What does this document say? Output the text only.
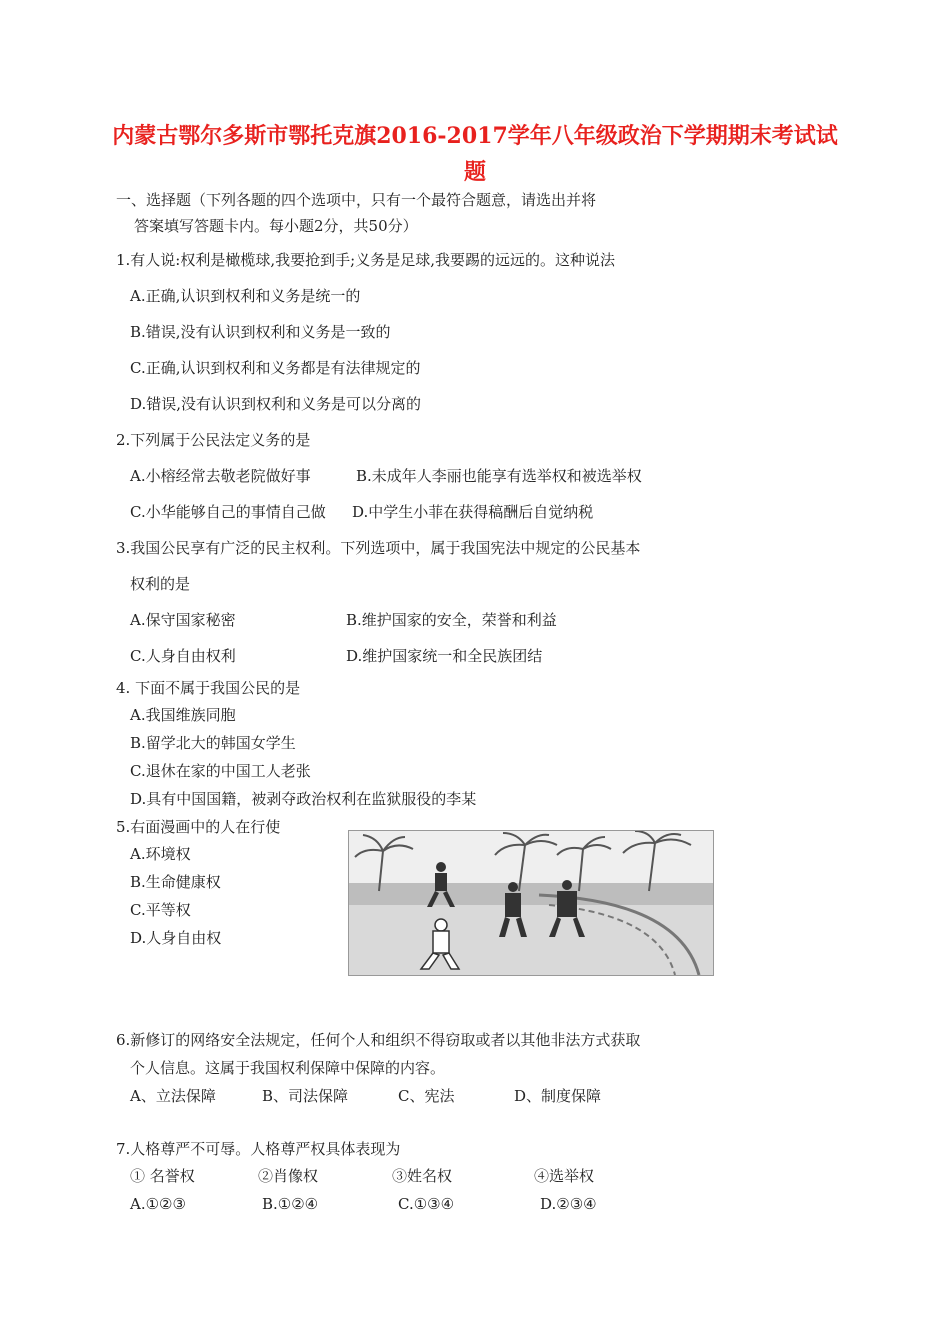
内蒙古鄂尔多斯市鄂托克旗2016-2017学年八年级政治下学期期末考试试
题
一、选择题（下列各题的四个选项中，只有一个最符合题意，请选出并将
答案填写答题卡内。每小题2分，共50分）
1.有人说:权利是橄榄球,我要抢到手;义务是足球,我要踢的远远的。这种说法
A.正确,认识到权利和义务是统一的
B.错误,没有认识到权利和义务是一致的
C.正确,认识到权利和义务都是有法律规定的
D.错误,没有认识到权利和义务是可以分离的
2.下列属于公民法定义务的是
A.小榕经常去敬老院做好事	B.未成年人李丽也能享有选举权和被选举权
C.小华能够自己的事情自己做 D.中学生小菲在获得稿酬后自觉纳税
3.我国公民享有广泛的民主权利。下列选项中，属于我国宪法中规定的公民基本
权利的是
A.保守国家秘密	B.维护国家的安全，荣誉和利益
C.人身自由权利	D.维护国家统一和全民族团结
4. 下面不属于我国公民的是
A.我国维族同胞
B.留学北大的韩国女学生
C.退休在家的中国工人老张
D.具有中国国籍，被剥夺政治权利在监狱服役的李某
5.右面漫画中的人在行使
A.环境权
B.生命健康权
C.平等权
D.人身自由权
6.新修订的网络安全法规定，任何个人和组织不得窃取或者以其他非法方式获取
个人信息。这属于我国权利保障中保障的内容。
A、立法保障	B、司法保障	C、宪法	D、制度保障
7.人格尊严不可辱。人格尊严权具体表现为
① 名誉权	②肖像权	③姓名权	④选举权
A.①②③	B.①②④	C.①③④	D.②③④
